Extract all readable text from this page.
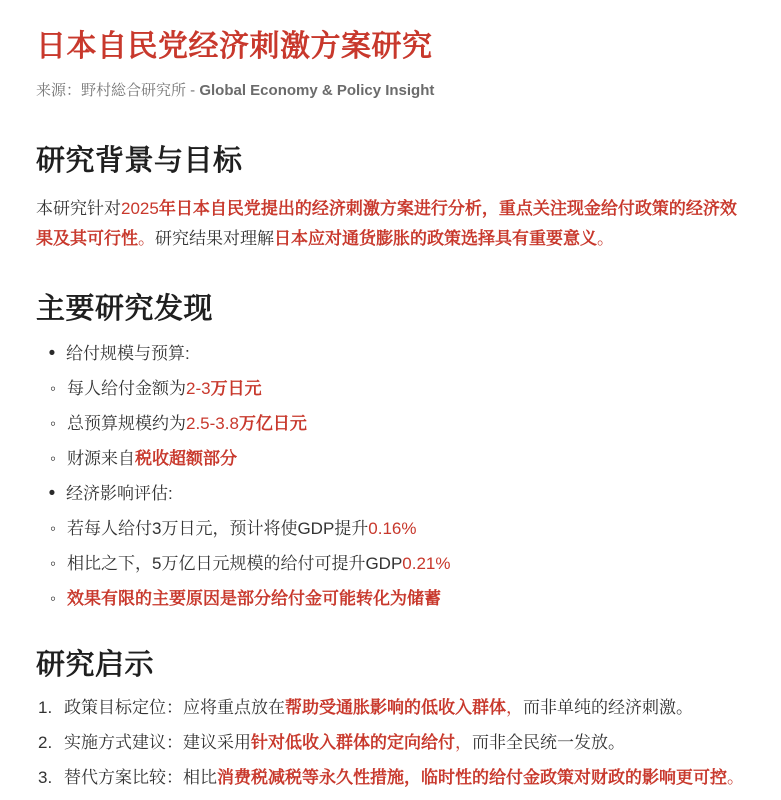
日本自民党经济刺激方案研究

来源：野村総合研究所 - Global Economy & Policy Insight

研究背景与目标

本研究针对2025年日本自民党提出的经济刺激方案进行分析，重点关注现金给付政策的经济效果及其可行性。研究结果对理解日本应对通货膨胀的政策选择具有重要意义。

主要研究发现
•
给付规模与预算:
◦
每人给付金额为2-3万日元
◦
总预算规模约为2.5-3.8万亿日元
◦
财源来自税收超额部分
•
经济影响评估:
◦
若每人给付3万日元，预计将使GDP提升0.16%
◦
相比之下，5万亿日元规模的给付可提升GDP0.21%
◦
效果有限的主要原因是部分给付金可能转化为储蓄
研究启示
1. 政策目标定位：应将重点放在帮助受通胀影响的低收入群体，而非单纯的经济刺激。
2. 实施方式建议：建议采用针对低收入群体的定向给付，而非全民统一发放。
3. 替代方案比较：相比消费税减税等永久性措施，临时性的给付金政策对财政的影响更可控。
